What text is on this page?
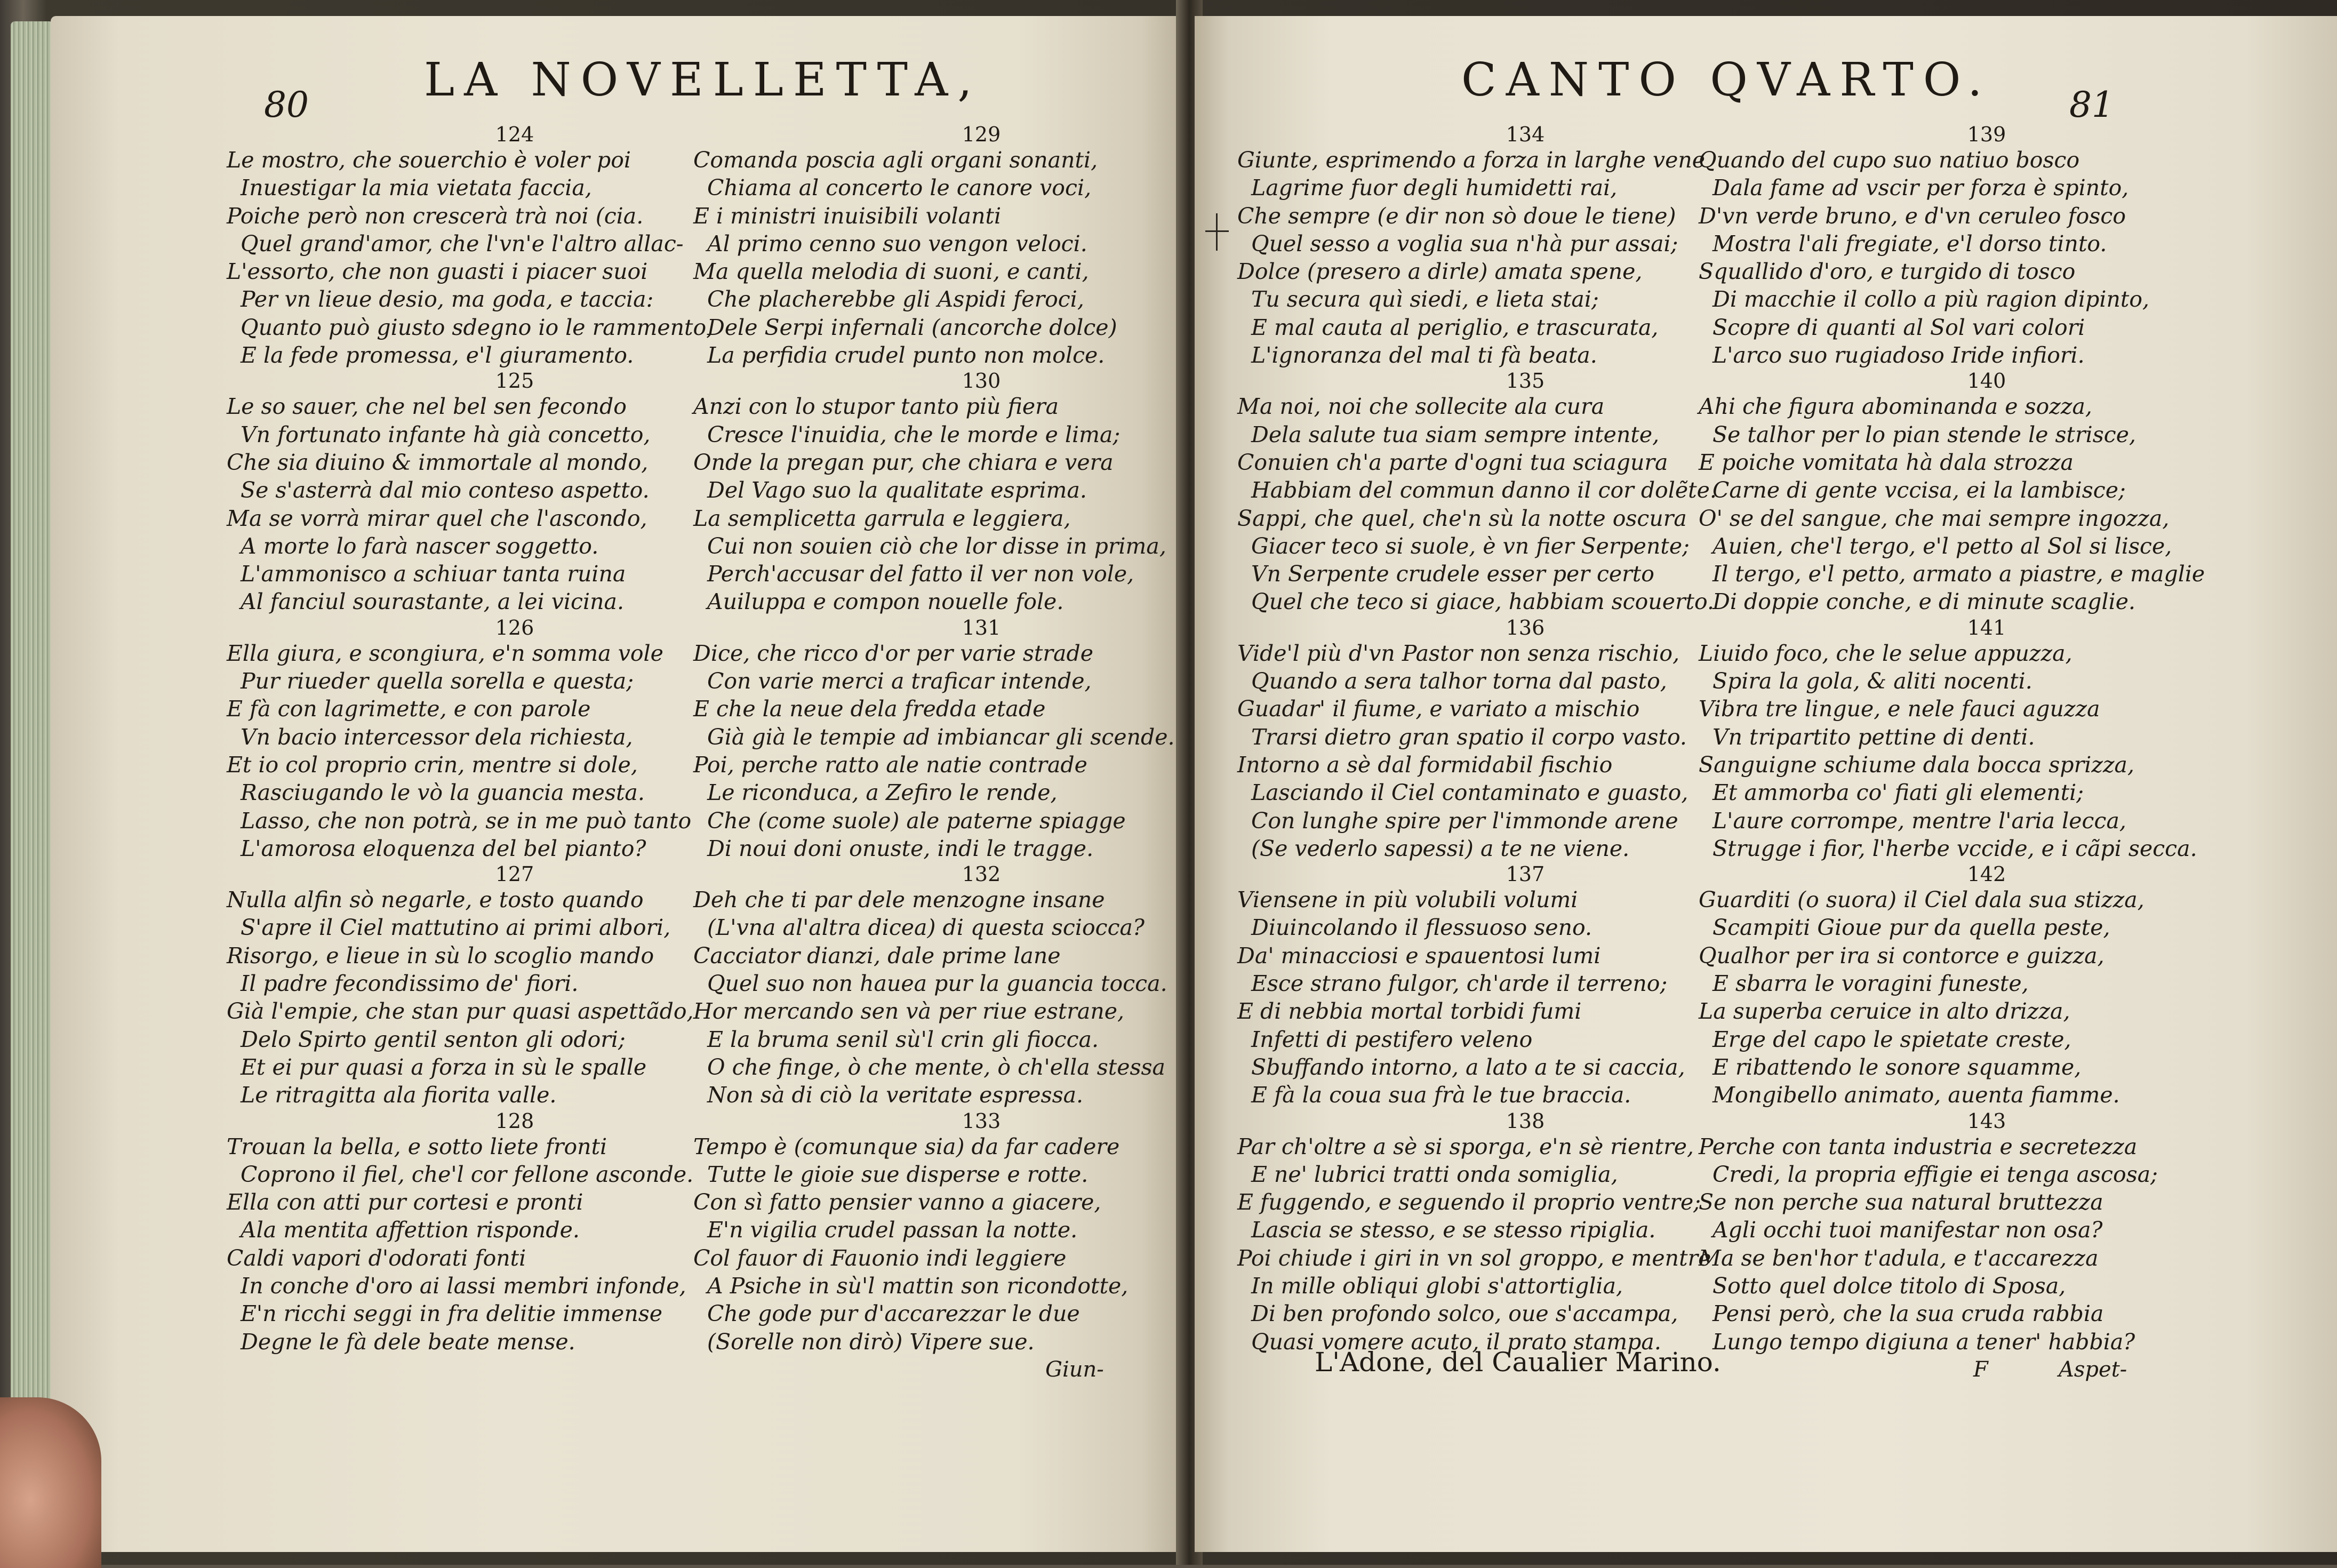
80	LA NOVELLETTA,
124
Le mostro, che souerchio è voler poi
Inuestigar la mia vietata faccia,
Poiche però non crescerà trà noi (cia.
Quel grand'amor, che l'vn'e l'altro allac-
L'essorto, che non guasti i piacer suoi
Per vn lieue desio, ma goda, e taccia:
Quanto può giusto sdegno io le rammento,
E la fede promessa, e'l giuramento.
125
Le so sauer, che nel bel sen fecondo
Vn fortunato infante hà già concetto,
Che sia diuino & immortale al mondo,
Se s'asterrà dal mio conteso aspetto.
Ma se vorrà mirar quel che l'ascondo,
A morte lo farà nascer soggetto.
L'ammonisco a schiuar tanta ruina
Al fanciul sourastante, a lei vicina.
126
Ella giura, e scongiura, e'n somma vole
Pur riueder quella sorella e questa;
E fà con lagrimette, e con parole
Vn bacio intercessor dela richiesta,
Et io col proprio crin, mentre si dole,
Rasciugando le vò la guancia mesta.
Lasso, che non potrà, se in me può tanto
L'amorosa eloquenza del bel pianto?
127
Nulla alfin sò negarle, e tosto quando
S'apre il Ciel mattutino ai primi albori,
Risorgo, e lieue in sù lo scoglio mando
Il padre fecondissimo de' fiori.
Già l'empie, che stan pur quasi aspettãdo,
Delo Spirto gentil senton gli odori;
Et ei pur quasi a forza in sù le spalle
Le ritragitta ala fiorita valle.
128
Trouan la bella, e sotto liete fronti
Coprono il fiel, che'l cor fellone asconde.
Ella con atti pur cortesi e pronti
Ala mentita affettion risponde.
Caldi vapori d'odorati fonti
In conche d'oro ai lassi membri infonde,
E'n ricchi seggi in fra delitie immense
Degne le fà dele beate mense.
129
Comanda poscia agli organi sonanti,
Chiama al concerto le canore voci,
E i ministri inuisibili volanti
Al primo cenno suo vengon veloci.
Ma quella melodia di suoni, e canti,
Che placherebbe gli Aspidi feroci,
Dele Serpi infernali (ancorche dolce)
La perfidia crudel punto non molce.
130
Anzi con lo stupor tanto più fiera
Cresce l'inuidia, che le morde e lima;
Onde la pregan pur, che chiara e vera
Del Vago suo la qualitate esprima.
La semplicetta garrula e leggiera,
Cui non souien ciò che lor disse in prima,
Perch'accusar del fatto il ver non vole,
Auiluppa e compon nouelle fole.
131
Dice, che ricco d'or per varie strade
Con varie merci a traficar intende,
E che la neue dela fredda etade
Già già le tempie ad imbiancar gli scende.
Poi, perche ratto ale natie contrade
Le riconduca, a Zefiro le rende,
Che (come suole) ale paterne spiagge
Di noui doni onuste, indi le tragge.
132
Deh che ti par dele menzogne insane
(L'vna al'altra dicea) di questa sciocca?
Cacciator dianzi, dale prime lane
Quel suo non haueа pur la guancia tocca.
Hor mercando sen và per riue estrane,
E la bruma senil sù'l crin gli fiocca.
O che finge, ò che mente, ò ch'ella stessa
Non sà di ciò la veritate espressa.
133
Tempo è (comunque sia) da far cadere
Tutte le gioie sue disperse e rotte.
Con sì fatto pensier vanno a giacere,
E'n vigilia crudel passan la notte.
Col fauor di Fauonio indi leggiere
A Psiche in sù'l mattin son ricondotte,
Che gode pur d'accarezzar le due
(Sorelle non dirò) Vipere sue.
Giun-
CANTO QVARTO. 81
134
Giunte, esprimendo a forza in larghe vene
Lagrime fuor degli humidetti rai,
Che sempre (e dir non sò doue le tiene)
Quel sesso a voglia sua n'hà pur assai;
Dolce (presero a dirle) amata spene,
Tu secura quì siedi, e lieta stai;
E mal cauta al periglio, e trascurata,
L'ignoranza del mal ti fà beata.
135
Ma noi, noi che sollecite ala cura
Dela salute tua siam sempre intente,
Conuien ch'a parte d'ogni tua sciagura
Habbiam del commun danno il cor dolẽte.
Sappi, che quel, che'n sù la notte oscura
Giacer teco si suole, è vn fier Serpente;
Vn Serpente crudele esser per certo
Quel che teco si giace, habbiam scouerto.
136
Vide'l più d'vn Pastor non senza rischio,
Quando a sera talhor torna dal pasto,
Guadar' il fiume, e variato a mischio
Trarsi dietro gran spatio il corpo vasto.
Intorno a sè dal formidabil fischio
Lasciando il Ciel contaminato e guasto,
Con lunghe spire per l'immonde arene
(Se vederlo sapessi) a te ne viene.
137
Viensene in più volubili volumi
Diuincolando il flessuoso seno.
Da' minacciosi e spauentosi lumi
Esce strano fulgor, ch'arde il terreno;
E di nebbia mortal torbidi fumi
Infetti di pestifero veleno
Sbuffando intorno, a lato a te si caccia,
E fà la coua sua frà le tue braccia.
138
Par ch'oltre a sè si sporga, e'n sè rientre,
E ne' lubrici tratti onda somiglia,
E fuggendo, e seguendo il proprio ventre;
Lascia se stesso, e se stesso ripiglia.
Poi chiude i giri in vn sol groppo, e mentre
In mille obliqui globi s'attortiglia,
Di ben profondo solco, oue s'accampa,
Quasi vomere acuto, il prato stampa.
139
Quando del cupo suo natiuo bosco
Dala fame ad vscir per forza è spinto,
D'vn verde bruno, e d'vn ceruleo fosco
Mostra l'ali fregiate, e'l dorso tinto.
Squallido d'oro, e turgido di tosco
Di macchie il collo a più ragion dipinto,
Scopre di quanti al Sol vari colori
L'arco suo rugiadoso Iride infiori.
140
Ahi che figura abominanda e sozza,
Se talhor per lo pian stende le strisce,
E poiche vomitata hà dala strozza
Carne di gente vccisa, ei la lambisce;
O' se del sangue, che mai sempre ingozza,
Auien, che'l tergo, e'l petto al Sol si lisce,
Il tergo, e'l petto, armato a piastre, e maglie
Di doppie conche, e di minute scaglie.
141
Liuido foco, che le selue appuzza,
Spira la gola, & aliti nocenti.
Vibra tre lingue, e nele fauci aguzza
Vn tripartito pettine di denti.
Sanguigne schiume dala bocca sprizza,
Et ammorba co' fiati gli elementi;
L'aure corrompe, mentre l'aria lecca,
Strugge i fior, l'herbe vccide, e i cãpi secca.
142
Guarditi (o suora) il Ciel dala sua stizza,
Scampiti Gioue pur da quella peste,
Qualhor per ira si contorce e guizza,
E sbarra le voragini funeste,
La superba ceruice in alto drizza,
Erge del capo le spietate creste,
E ribattendo le sonore squamme,
Mongibello animato, auenta fiamme.
143
Perche con tanta industria e secretezza
Credi, la propria effigie ei tenga ascosa;
Se non perche sua natural bruttezza
Agli occhi tuoi manifestar non osa?
Ma se ben'hor t'adula, e t'accarezza
Sotto quel dolce titolo di Sposa,
Pensi però, che la sua cruda rabbia
Lungo tempo digiuna a tener' habbia?
L'Adone, del Caualier Marino.	F	Aspet-
